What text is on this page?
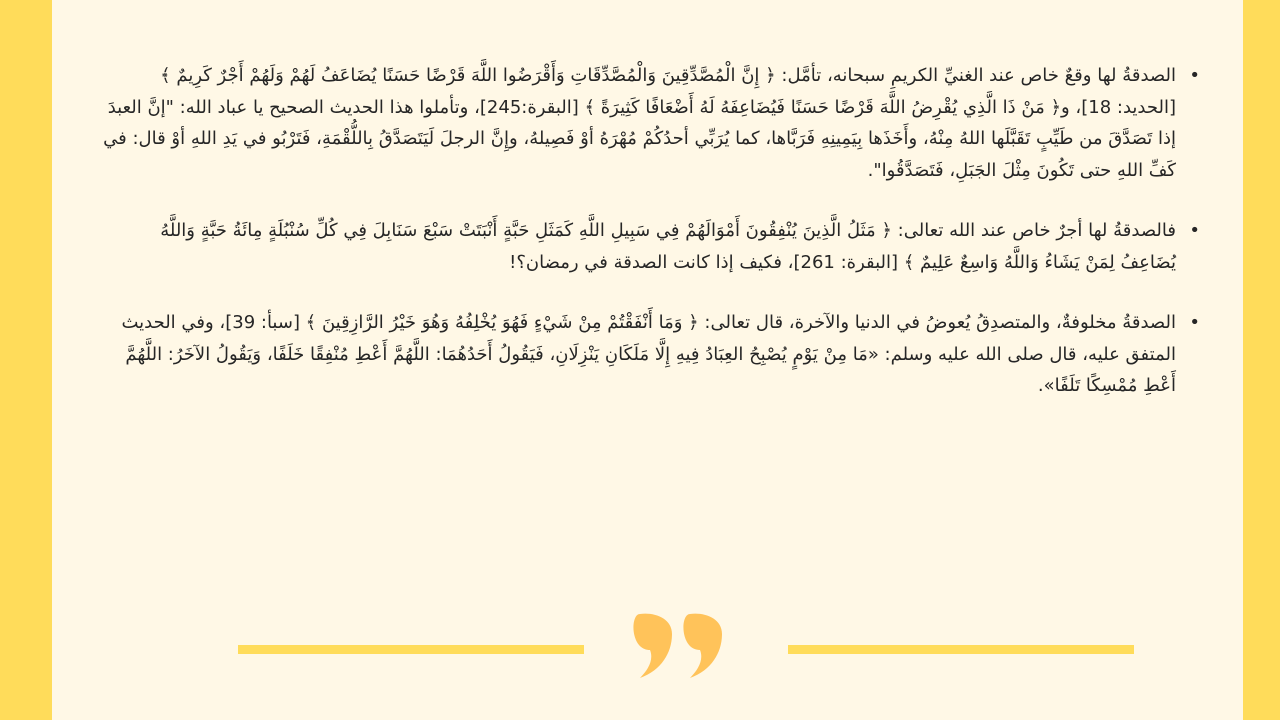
• الصدقةُ لها وقعٌ خاص عند الغنيِّ الكريمِ سبحانه، تأمَّل: ﴿ إِنَّ الْمُصَّدِّقِينَ وَالْمُصَّدِّقَاتِ وَأَقْرَضُوا اللَّهَ قَرْضًا حَسَنًا يُضَاعَفُ لَهُمْ وَلَهُمْ أَجْرٌ كَرِيمٌ ﴾ [الحديد: 18]، و﴿ مَنْ ذَا الَّذِي يُقْرِضُ اللَّهَ قَرْضًا حَسَنًا فَيُضَاعِفَهُ لَهُ أَضْعَافًا كَثِيرَةً ﴾ [البقرة:245]، وتأملوا هذا الحديث الصحيح يا عباد الله: "إنَّ العبدَ إذا تَصَدَّقَ من طَيِّبٍ تَقَبَّلَها اللهُ مِنْهُ، وأَخَذَها بِيَمِينِهِ فَرَبَّاها، كما يُرَبِّي أحدُكُمْ مُهْرَهُ أوْ فَصِيلهُ، وإِنَّ الرجلَ لَيَتَصَدَّقُ بِاللُّقْمَةِ، فَتَرْبُو في يَدِ اللهِ أوْ قال: في كَفِّ اللهِ حتى تَكُونَ مِثْلَ الجَبَلِ، فَتَصَدَّقُوا".

• فالصدقةُ لها أجرٌ خاص عند الله تعالى: ﴿ مَثَلُ الَّذِينَ يُنْفِقُونَ أَمْوَالَهُمْ فِي سَبِيلِ اللَّهِ كَمَثَلِ حَبَّةٍ أَنْبَتَتْ سَبْعَ سَنَابِلَ فِي كُلِّ سُنْبُلَةٍ مِائَةُ حَبَّةٍ وَاللَّهُ يُضَاعِفُ لِمَنْ يَشَاءُ وَاللَّهُ وَاسِعٌ عَلِيمٌ ﴾ [البقرة: 261]، فكيف إذا كانت الصدقة في رمضان؟!

• الصدقةُ مخلوفةٌ، والمتصدِقُ يُعوضُ في الدنيا والآخرة، قال تعالى: ﴿ وَمَا أَنْفَقْتُمْ مِنْ شَيْءٍ فَهُوَ يُخْلِفُهُ وَهُوَ خَيْرُ الرَّازِقِينَ ﴾ [سبأ: 39]، وفي الحديث المتفق عليه، قال صلى الله عليه وسلم: «مَا مِنْ يَوْمٍ يُصْبِحُ العِبَادُ فِيهِ إِلَّا مَلَكَانِ يَنْزِلَانِ، فَيَقُولُ أَحَدُهُمَا: اللَّهُمَّ أَعْطِ مُنْفِقًا خَلَفًا، وَيَقُولُ الآخَرُ: اللَّهُمَّ أَعْطِ مُمْسِكًا تَلَفًا».
